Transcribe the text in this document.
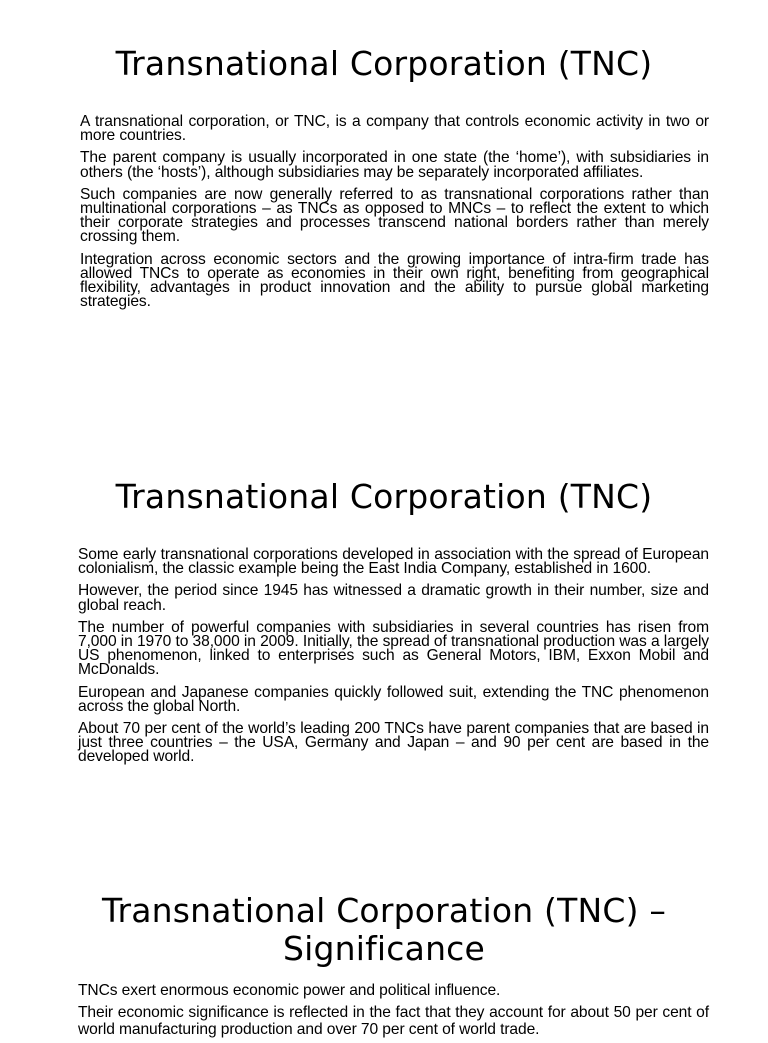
Transnational Corporation (TNC)

A transnational corporation, or TNC, is a company that controls economic activity in two or more countries.

The parent company is usually incorporated in one state (the ‘home’), with subsidiaries in others (the ‘hosts’), although subsidiaries may be separately incorporated affiliates.

Such companies are now generally referred to as transnational corporations rather than multinational corporations – as TNCs as opposed to MNCs – to reflect the extent to which their corporate strategies and processes transcend national borders rather than merely crossing them.

Integration across economic sectors and the growing importance of intra-firm trade has allowed TNCs to operate as economies in their own right, benefiting from geographical flexibility, advantages in product innovation and the ability to pursue global marketing strategies.

Transnational Corporation (TNC)

Some early transnational corporations developed in association with the spread of European colonialism, the classic example being the East India Company, established in 1600.

However, the period since 1945 has witnessed a dramatic growth in their number, size and global reach.

The number of powerful companies with subsidiaries in several countries has risen from 7,000 in 1970 to 38,000 in 2009. Initially, the spread of transnational production was a largely US phenomenon, linked to enterprises such as General Motors, IBM, Exxon Mobil and McDonalds.

European and Japanese companies quickly followed suit, extending the TNC phenomenon across the global North.

About 70 per cent of the world’s leading 200 TNCs have parent companies that are based in just three countries – the USA, Germany and Japan – and 90 per cent are based in the developed world.

Transnational Corporation (TNC) – Significance

TNCs exert enormous economic power and political influence.

Their economic significance is reflected in the fact that they account for about 50 per cent of world manufacturing production and over 70 per cent of world trade.
